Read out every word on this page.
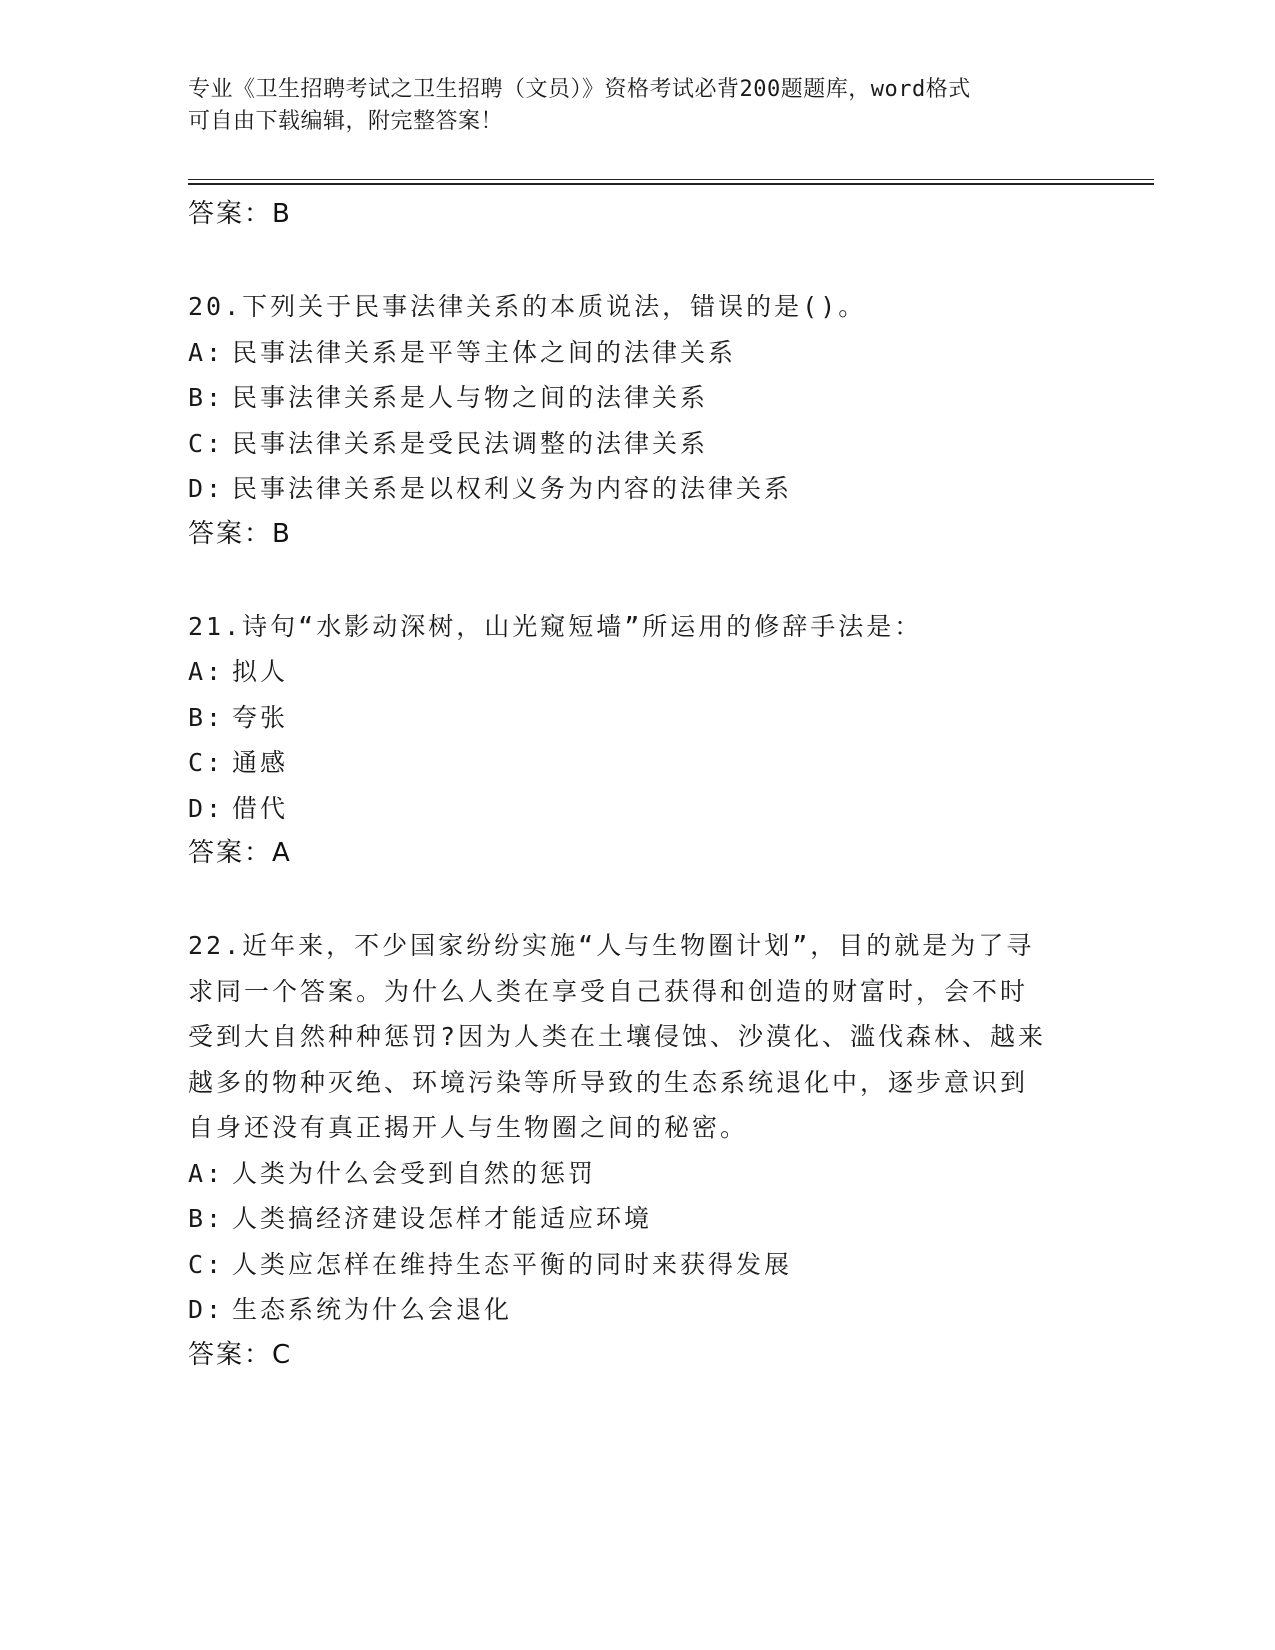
专业《卫生招聘考试之卫生招聘（文员）》资格考试必背200题题库，word格式
可自由下载编辑，附完整答案！
答案：B
20.下列关于民事法律关系的本质说法，错误的是()。
A: 民事法律关系是平等主体之间的法律关系
B: 民事法律关系是人与物之间的法律关系
C: 民事法律关系是受民法调整的法律关系
D: 民事法律关系是以权利义务为内容的法律关系
答案：B
21.诗句“水影动深树，山光窥短墙”所运用的修辞手法是：
A: 拟人
B: 夸张
C: 通感
D: 借代
答案：A
22.近年来，不少国家纷纷实施“人与生物圈计划”，目的就是为了寻
求同一个答案。为什么人类在享受自己获得和创造的财富时，会不时
受到大自然种种惩罚?因为人类在土壤侵蚀、沙漠化、滥伐森林、越来
越多的物种灭绝、环境污染等所导致的生态系统退化中，逐步意识到
自身还没有真正揭开人与生物圈之间的秘密。
A: 人类为什么会受到自然的惩罚
B: 人类搞经济建设怎样才能适应环境
C: 人类应怎样在维持生态平衡的同时来获得发展
D: 生态系统为什么会退化
答案：C
